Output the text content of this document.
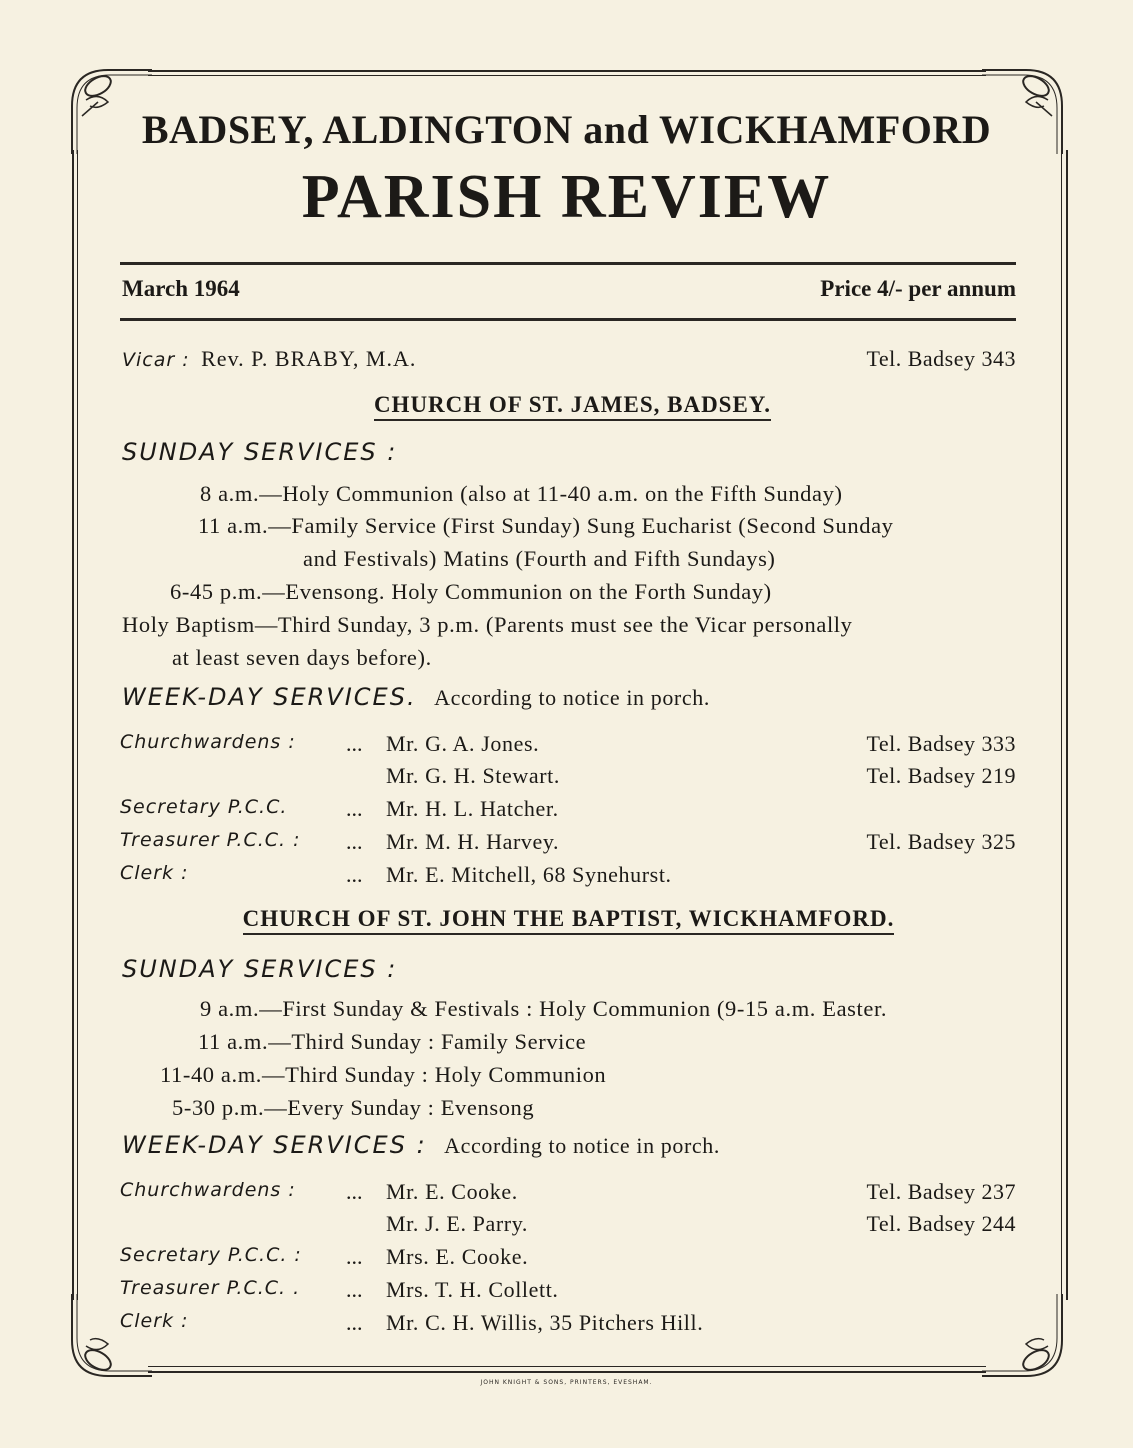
BADSEY, ALDINGTON and WICKHAMFORD
PARISH REVIEW
March 1964	Price 4/- per annum
Vicar : Rev. P. BRABY, M.A.	Tel. Badsey 343
CHURCH OF ST. JAMES, BADSEY.
SUNDAY SERVICES :
8 a.m.—Holy Communion (also at 11-40 a.m. on the Fifth Sunday)
11 a.m.—Family Service (First Sunday) Sung Eucharist (Second Sunday
and Festivals) Matins (Fourth and Fifth Sundays)
6-45 p.m.—Evensong. Holy Communion on the Forth Sunday)
Holy Baptism—Third Sunday, 3 p.m. (Parents must see the Vicar personally
at least seven days before).
WEEK-DAY SERVICES. According to notice in porch.
Churchwardens : ... Mr. G. A. Jones.	Tel. Badsey 333
Mr. G. H. Stewart.	Tel. Badsey 219
Secretary P.C.C.	... Mr. H. L. Hatcher.
Treasurer P.C.C. : ... Mr. M. H. Harvey.	Tel. Badsey 325
Clerk :	... Mr. E. Mitchell, 68 Synehurst.
CHURCH OF ST. JOHN THE BAPTIST, WICKHAMFORD.
SUNDAY SERVICES :
9 a.m.—First Sunday & Festivals : Holy Communion (9-15 a.m. Easter.
11 a.m.—Third Sunday : Family Service
11-40 a.m.—Third Sunday : Holy Communion
5-30 p.m.—Every Sunday : Evensong
WEEK-DAY SERVICES : According to notice in porch.
Churchwardens : ... Mr. E. Cooke.	Tel. Badsey 237
Mr. J. E. Parry.	Tel. Badsey 244
Secretary P.C.C. : ... Mrs. E. Cooke.
Treasurer P.C.C. . ... Mrs. T. H. Collett.
Clerk :	... Mr. C. H. Willis, 35 Pitchers Hill.
JOHN KNIGHT & SONS, PRINTERS, EVESHAM.
